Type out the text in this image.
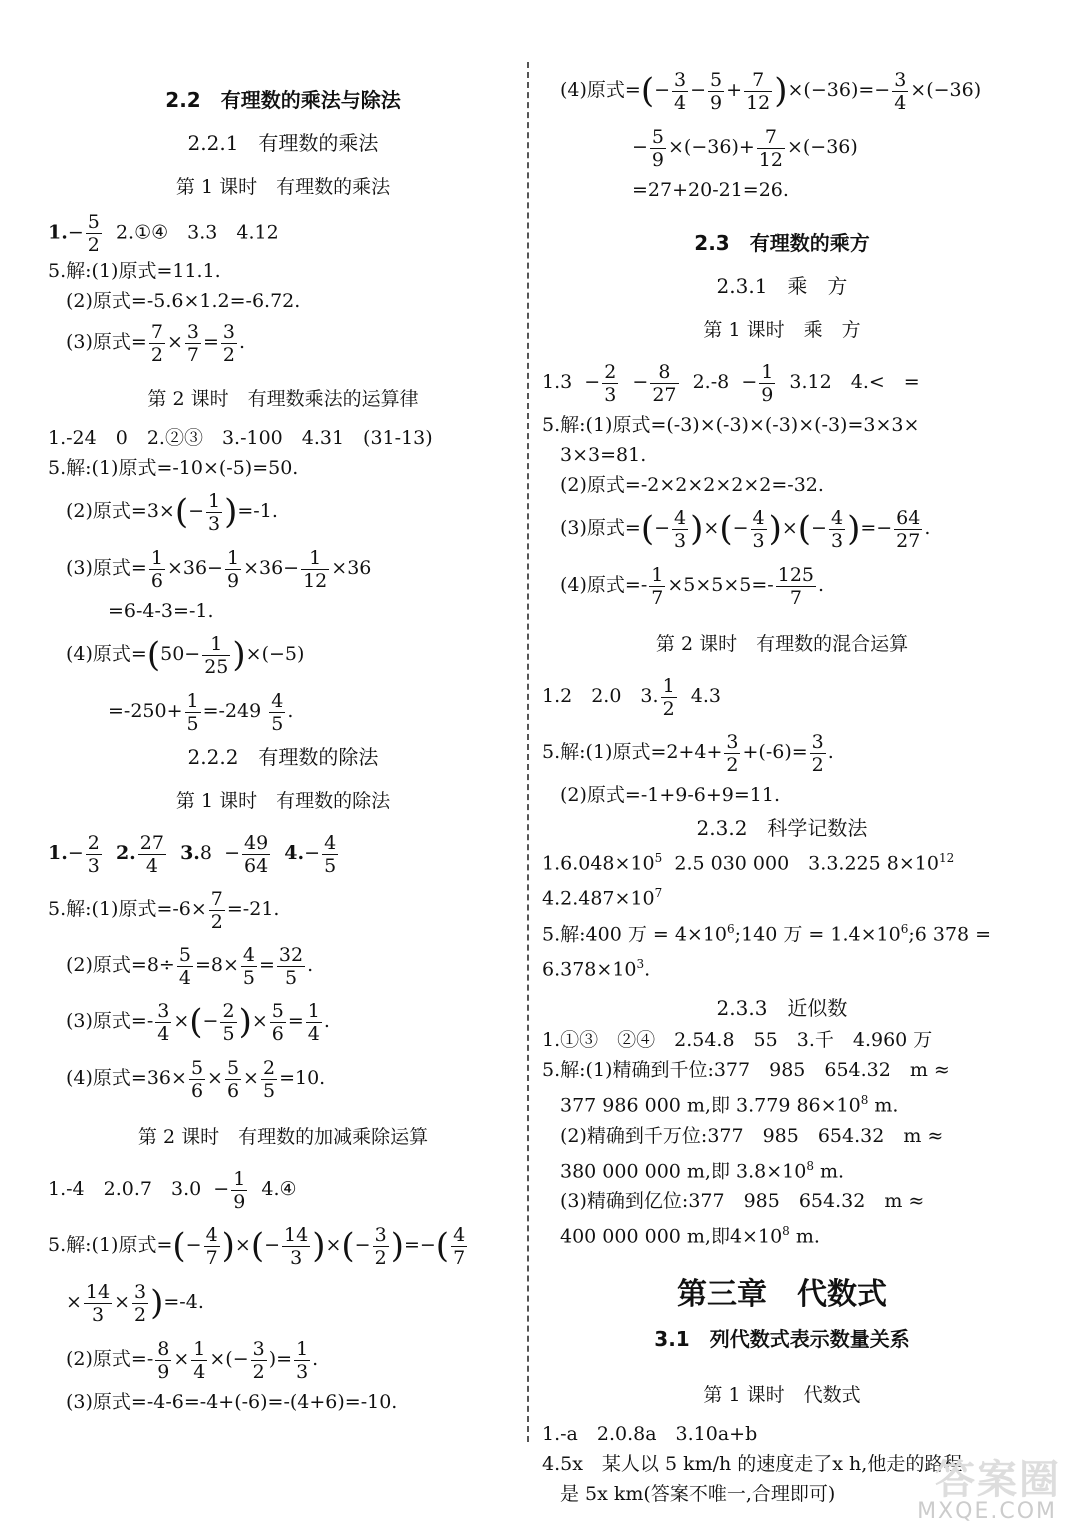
2.2　有理数的乘法与除法
2.2.1　有理数的乘法
第 1 课时　有理数的乘法
$1.- \frac{5}{2}$ 2.①④　3.3　4.12
5.解:(1)原式=11.1.
(2)原式=-5.6×1.2=-6.72.
(3)原式= $\frac{7}{2} \times \frac{3}{7} = \frac{3}{2}$ .
第 2 课时　有理数乘法的运算律
1.-24　0　2.②③　3.-100　4.31　(31-13)
5.解:(1)原式=-10×(-5)=50.
(2)原式$=3\times(- \frac{1}{3} )=-1$.
(3)原式= $\frac{1}{6} \times 36- \frac{1}{9} \times 36- \frac{1}{12} \times 36$
=6-4-3=-1.
(4)原式$=(50- \frac{1}{25} )\times(-5)$
$=-250+ \frac{1}{5} =-249 \frac{4}{5}$ .
2.2.2　有理数的除法
第 1 课时　有理数的除法
$1.- \frac{2}{3} 2$. $\frac{27}{4} 3.8 - \frac{49}{64} 4.- \frac{4}{5}$
5.解:(1)原式$=-6\times \frac{7}{2} =-21$.
(2)原式$=8\div \frac{5}{4} =8\times \frac{4}{5} = \frac{32}{5}$ .
(3)原式=- $\frac{3}{4}$ ×(− $\frac{2}{5}$ )× $\frac{5}{6} = \frac{1}{4}$ .
(4)原式$=36\times \frac{5}{6} \times \frac{5}{6} \times \frac{2}{5} =10$.
第 2 课时　有理数的加减乘除运算
1.-4　2.0.7　$3.0 - \frac{1}{9}$ 4.④
5.解:(1)原式=(− $\frac{4}{7}$ )×(− $\frac{14}{3}$ )×(− $\frac{3}{2}$ )=−( $\frac{4}{7}$
× $\frac{14}{3} \times \frac{3}{2} )=-4$.
(2)原式=- $\frac{8}{9} \times \frac{1}{4}$ ×(− $\frac{3}{2}$ )= $\frac{1}{3}$ .
(3)原式=-4-6=-4+(-6)=-(4+6)=-10.
(4)原式=(− $\frac{3}{4} - \frac{5}{9} + \frac{7}{12} )\times(-36)=- \frac{3}{4} \times(-36)$
− $\frac{5}{9} \times(-36)+ \frac{7}{12} \times(-36)$
=27+20-21=26.
2.3　有理数的乘方
2.3.1　乘　方
第 1 课时　乘　方
$1.3 - \frac{2}{3} - \frac{8}{27} 2.-8 - \frac{1}{9} 3.12$　4.<　=
5.解:(1)原式=(-3)×(-3)×(-3)×(-3)=3×3×
3×3=81.
(2)原式=-2×2×2×2×2=-32.
(3)原式=(− $\frac{4}{3}$ )×(− $\frac{4}{3}$ )×(− $\frac{4}{3}$ )=− $\frac{64}{27}$ .
(4)原式=- $\frac{1}{7} \times 5\times 5\times 5=- \frac{125}{7}$ .
第 2 课时　有理数的混合运算
1.2　2.0　3. $\frac{1}{2} 4.3$
5.解:(1)原式$=2+4+ \frac{3}{2} +(-6)= \frac{3}{2}$ .
(2)原式=-1+9-6+9=11.
2.3.2　科学记数法
$1.6.048\times 10^5$ 2.5 030 000　3.3.225 $8\times 10^{12}$
$4.2.487\times 10^7$
5.解:400 万 = $4\times 10^6;140$ 万 = $1.4\times 10^6;6$ 378 =
$6.378\times 10^3$.
2.3.3　近似数
1.①③　②④　2.54.8　55　3.千　4.960 万
5.解:(1)精确到千位:377　985　654.32　m ≈
377 986 000 m,即 3.779 $86\times 10^8$ m.
(2)精确到千万位:377　985　654.32　m ≈
380 000 000 m,即 $3.8\times 10^8$ m.
(3)精确到亿位:377　985　654.32　m ≈
400 000 000 m,即$4\times 10^8$ m.
第三章　代数式
3.1　列代数式表示数量关系
第 1 课时　代数式
1.-a　2.0.8a　3.10a+b
4.5x　某人以 5 km/h 的速度走了x h,他走的路程
是 5x km(答案不唯一,合理即可)	答案圈
MXQE.COM
